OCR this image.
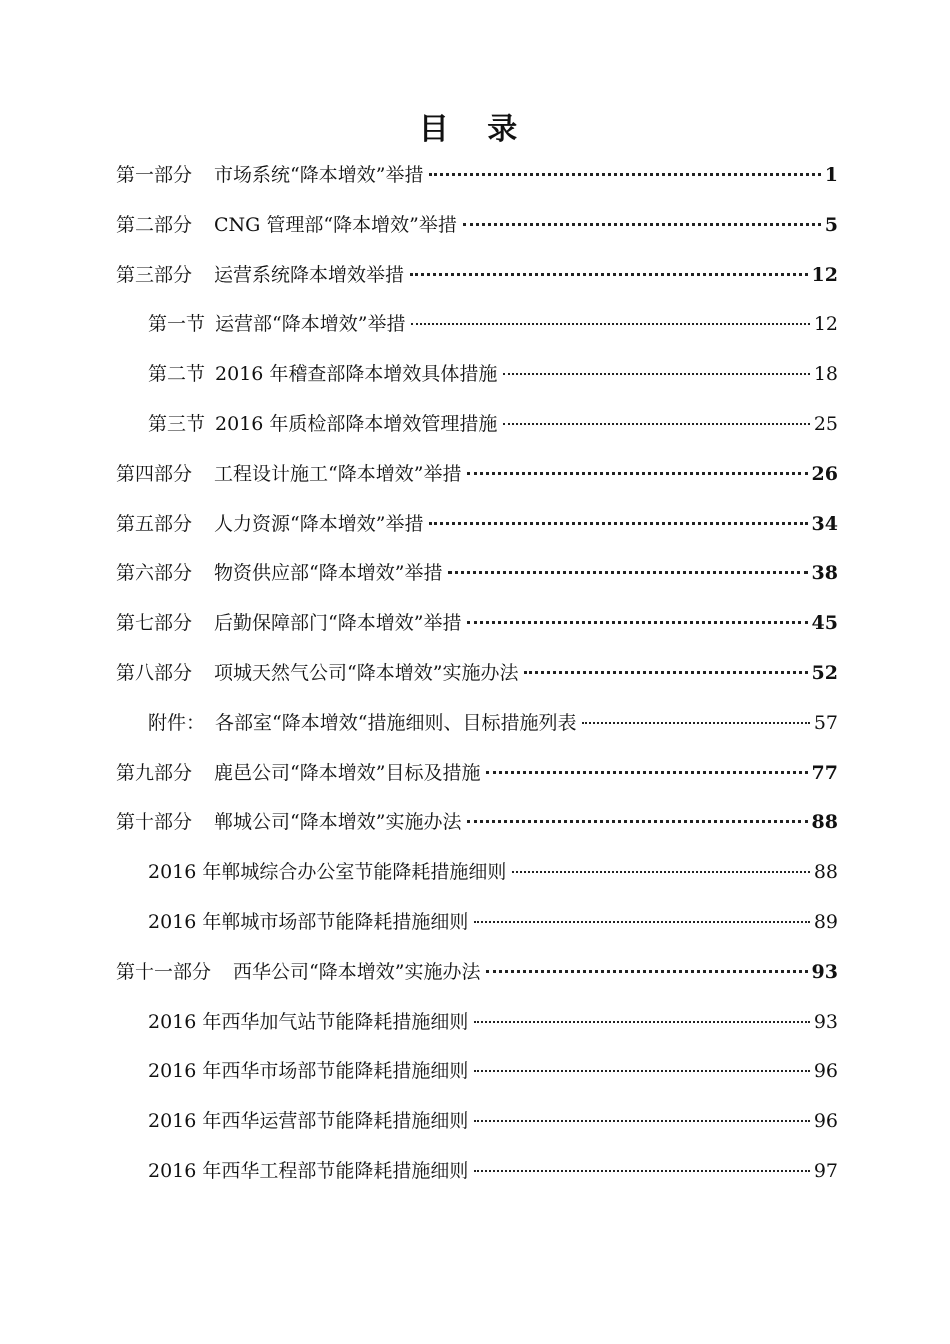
目 录
第一部分 市场系统“降本增效”举措	1
第二部分 CNG 管理部“降本增效”举措	5
第三部分 运营系统降本增效举措	12
第一节 运营部“降本增效”举措	12
第二节 2016 年稽查部降本增效具体措施	18
第三节 2016 年质检部降本增效管理措施	25
第四部分 工程设计施工“降本增效”举措	26
第五部分 人力资源“降本增效”举措	34
第六部分 物资供应部“降本增效”举措	38
第七部分 后勤保障部门“降本增效”举措	45
第八部分 项城天然气公司“降本增效”实施办法	52
附件： 各部室“降本增效“措施细则、目标措施列表	57
第九部分 鹿邑公司“降本增效”目标及措施	77
第十部分 郸城公司“降本增效”实施办法	88
2016 年郸城综合办公室节能降耗措施细则	88
2016 年郸城市场部节能降耗措施细则	89
第十一部分 西华公司“降本增效”实施办法	93
2016 年西华加气站节能降耗措施细则	93
2016 年西华市场部节能降耗措施细则	96
2016 年西华运营部节能降耗措施细则	96
2016 年西华工程部节能降耗措施细则	97
